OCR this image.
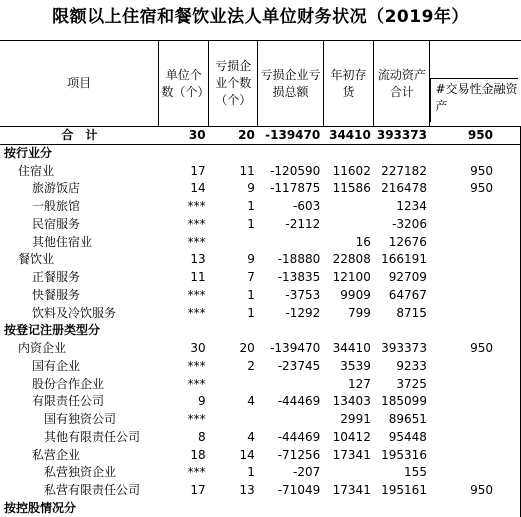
限额以上住宿和餐饮业法人单位财务状况（2019年）
项目	单位个数（个）	亏损企业个数（个）	亏损企业亏损总额	年初存货	流动资产合计	#交易性金融资产	

合　计	30	20	-139470	34410	393373	950	
按行业分							
住宿业	17	11	-120590	11602	227182	950	
旅游饭店	14	9	-117875	11586	216478	950	
一般旅馆	***	1	-603		1234		
民宿服务	***	1	-2112		-3206		
其他住宿业	***			16	12676		
餐饮业	13	9	-18880	22808	166191		
正餐服务	11	7	-13835	12100	92709		
快餐服务	***	1	-3753	9909	64767		
饮料及冷饮服务	***	1	-1292	799	8715		
按登记注册类型分							
内资企业	30	20	-139470	34410	393373	950	
国有企业	***	2	-23745	3539	9233		
股份合作企业	***			127	3725		
有限责任公司	9	4	-44469	13403	185099		
国有独资公司	***			2991	89651		
其他有限责任公司	8	4	-44469	10412	95448		
私营企业	18	14	-71256	17341	195316		
私营独资企业	***	1	-207		155		
私营有限责任公司	17	13	-71049	17341	195161	950	
按控股情况分							
